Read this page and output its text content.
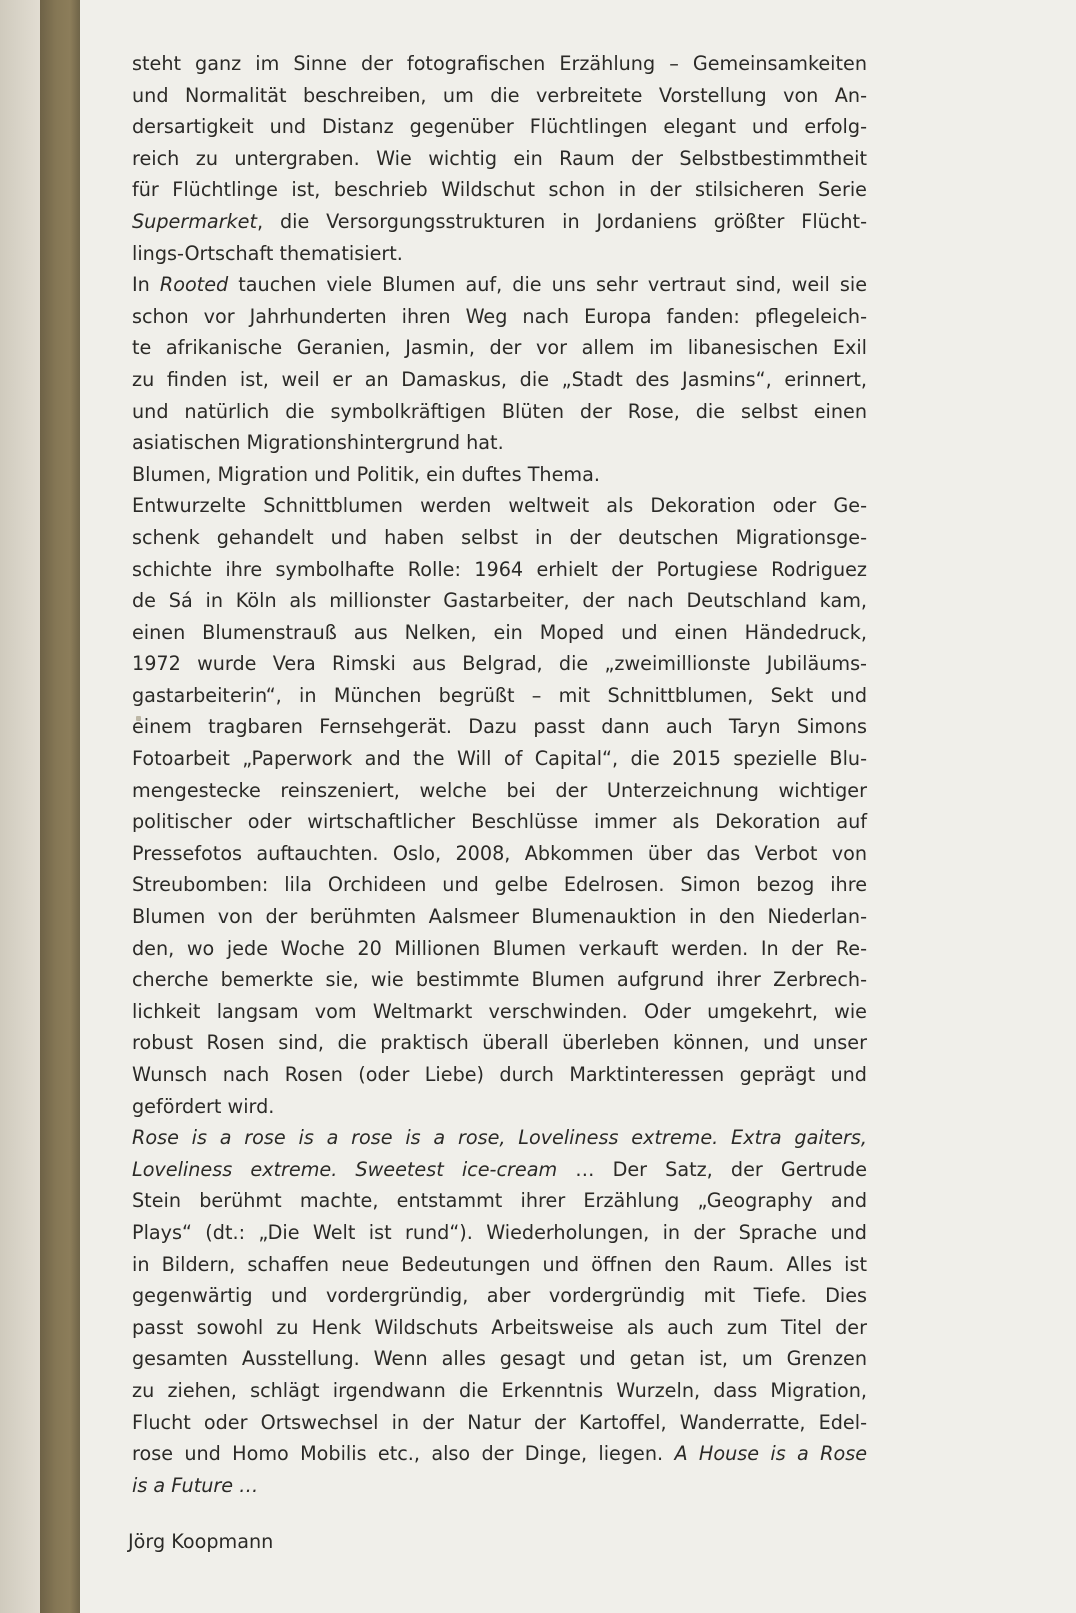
steht ganz im Sinne der fotografischen Erzählung – Gemeinsamkeiten
und Normalität beschreiben, um die verbreitete Vorstellung von An-
dersartigkeit und Distanz gegenüber Flüchtlingen elegant und erfolg-
reich zu untergraben. Wie wichtig ein Raum der Selbstbestimmtheit
für Flüchtlinge ist, beschrieb Wildschut schon in der stilsicheren Serie
Supermarket, die Versorgungsstrukturen in Jordaniens größter Flücht-
lings-Ortschaft thematisiert.
In Rooted tauchen viele Blumen auf, die uns sehr vertraut sind, weil sie
schon vor Jahrhunderten ihren Weg nach Europa fanden: pflegeleich-
te afrikanische Geranien, Jasmin, der vor allem im libanesischen Exil
zu finden ist, weil er an Damaskus, die „Stadt des Jasmins“, erinnert,
und natürlich die symbolkräftigen Blüten der Rose, die selbst einen
asiatischen Migrationshintergrund hat.
Blumen, Migration und Politik, ein duftes Thema.
Entwurzelte Schnittblumen werden weltweit als Dekoration oder Ge-
schenk gehandelt und haben selbst in der deutschen Migrationsge-
schichte ihre symbolhafte Rolle: 1964 erhielt der Portugiese Rodriguez
de Sá in Köln als millionster Gastarbeiter, der nach Deutschland kam,
einen Blumenstrauß aus Nelken, ein Moped und einen Händedruck,
1972 wurde Vera Rimski aus Belgrad, die „zweimillionste Jubiläums-
gastarbeiterin“, in München begrüßt – mit Schnittblumen, Sekt und
einem tragbaren Fernsehgerät. Dazu passt dann auch Taryn Simons
Fotoarbeit „Paperwork and the Will of Capital“, die 2015 spezielle Blu-
mengestecke reinszeniert, welche bei der Unterzeichnung wichtiger
politischer oder wirtschaftlicher Beschlüsse immer als Dekoration auf
Pressefotos auftauchten. Oslo, 2008, Abkommen über das Verbot von
Streubomben: lila Orchideen und gelbe Edelrosen. Simon bezog ihre
Blumen von der berühmten Aalsmeer Blumenauktion in den Niederlan-
den, wo jede Woche 20 Millionen Blumen verkauft werden. In der Re-
cherche bemerkte sie, wie bestimmte Blumen aufgrund ihrer Zerbrech-
lichkeit langsam vom Weltmarkt verschwinden. Oder umgekehrt, wie
robust Rosen sind, die praktisch überall überleben können, und unser
Wunsch nach Rosen (oder Liebe) durch Marktinteressen geprägt und
gefördert wird.
Rose is a rose is a rose is a rose, Loveliness extreme. Extra gaiters,
Loveliness extreme. Sweetest ice-cream … Der Satz, der Gertrude
Stein berühmt machte, entstammt ihrer Erzählung „Geography and
Plays“ (dt.: „Die Welt ist rund“). Wiederholungen, in der Sprache und
in Bildern, schaffen neue Bedeutungen und öffnen den Raum. Alles ist
gegenwärtig und vordergründig, aber vordergründig mit Tiefe. Dies
passt sowohl zu Henk Wildschuts Arbeitsweise als auch zum Titel der
gesamten Ausstellung. Wenn alles gesagt und getan ist, um Grenzen
zu ziehen, schlägt irgendwann die Erkenntnis Wurzeln, dass Migration,
Flucht oder Ortswechsel in der Natur der Kartoffel, Wanderratte, Edel-
rose und Homo Mobilis etc., also der Dinge, liegen. A House is a Rose
is a Future …
Jörg Koopmann
